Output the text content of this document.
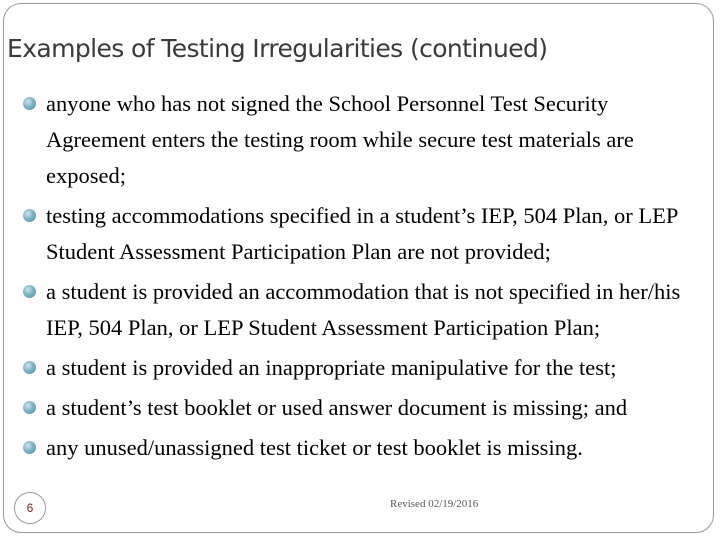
Examples of Testing Irregularities (continued)
anyone who has not signed the School Personnel Test Security Agreement enters the testing room while secure test materials are exposed;
testing accommodations specified in a student’s IEP, 504 Plan, or LEP Student Assessment Participation Plan are not provided;
a student is provided an accommodation that is not specified in her/his IEP, 504 Plan, or LEP Student Assessment Participation Plan;
a student is provided an inappropriate manipulative for the test;
a student’s test booklet or used answer document is missing; and
any unused/unassigned test ticket or test booklet is missing.
6	Revised 02/19/2016
